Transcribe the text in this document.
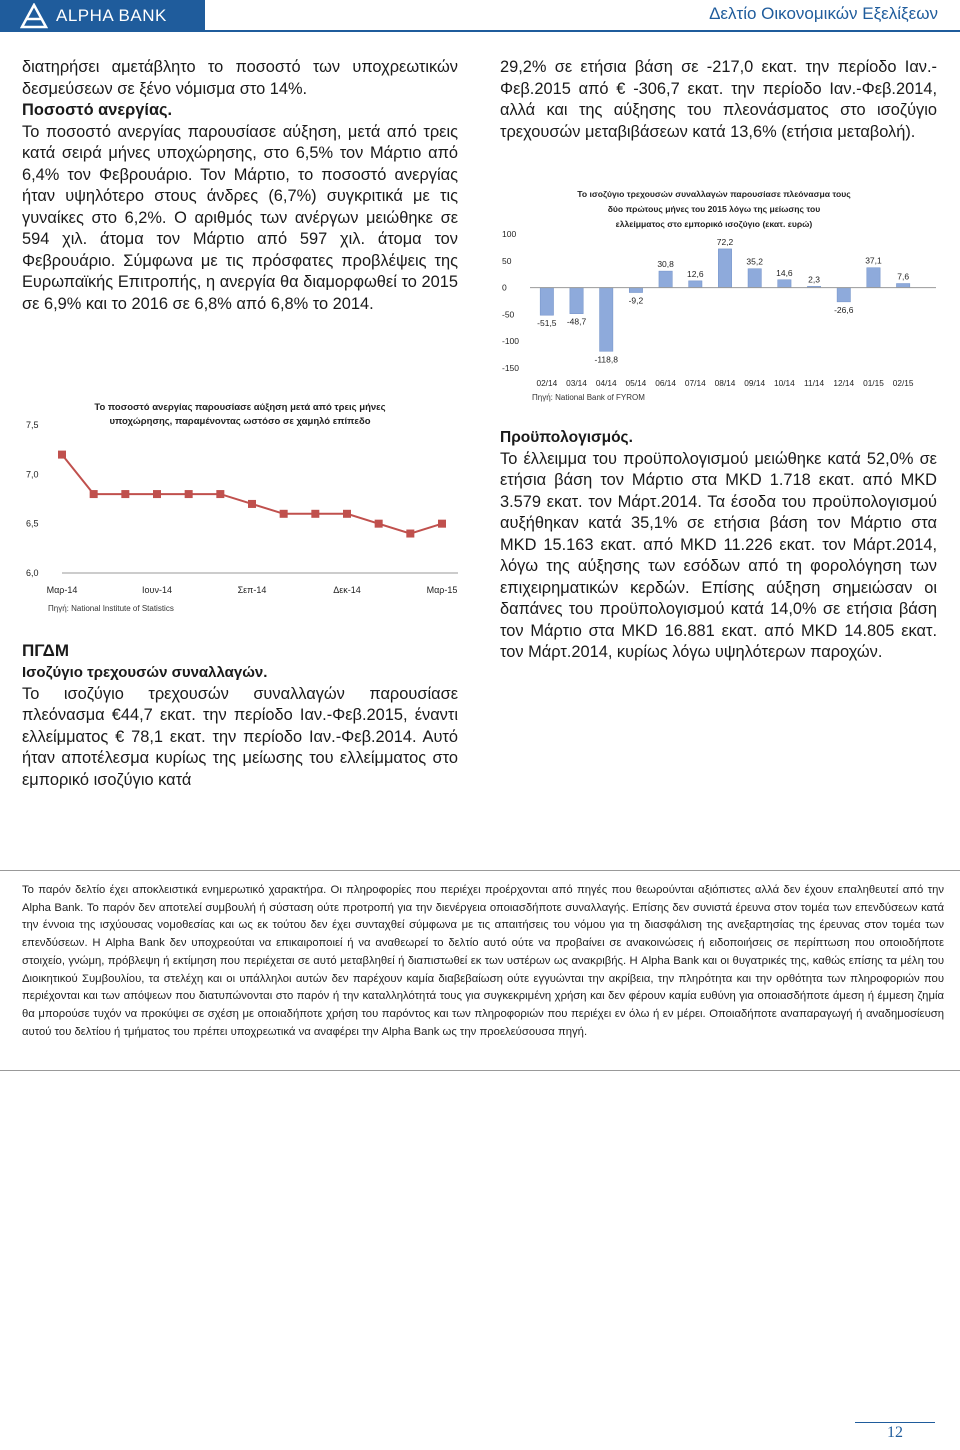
ALPHA BANK	Δελτίο Οικονομικών Εξελίξεων

διατηρήσει αμετάβλητο το ποσοστό των υποχρεωτικών δεσμεύσεων σε ξένο νόμισμα στο 14%.

Ποσοστό ανεργίας.

Το ποσοστό ανεργίας παρουσίασε αύξηση, μετά από τρεις κατά σειρά μήνες υποχώρησης, στο 6,5% τον Μάρτιο από 6,4% τον Φεβρουάριο. Τον Μάρτιο, το ποσοστό ανεργίας ήταν υψηλότερο στους άνδρες (6,7%) συγκριτικά με τις γυναίκες στο 6,2%. Ο αριθμός των ανέργων μειώθηκε σε 594 χιλ. άτομα τον Μάρτιο από 597 χιλ. άτομα τον Φεβρουάριο. Σύμφωνα με τις πρόσφατες προβλέψεις της Ευρωπαϊκής Επιτροπής, η ανεργία θα διαμορφωθεί το 2015 σε 6,9% και το 2016 σε 6,8% από 6,8% το 2014.

Το ποσοστό ανεργίας παρουσίασε αύξηση μετά από τρεις μήνες
υποχώρησης, παραμένοντας ωστόσο σε χαμηλό επίπεδο
6,0
6,5
7,0
7,5
Μαρ-14	Ιουν-14	Σεπ-14	Δεκ-14	Μαρ-15
Πηγή: National Institute of Statistics

ΠΓΔΜ

Ισοζύγιο τρεχουσών συναλλαγών.

Το ισοζύγιο τρεχουσών συναλλαγών παρουσίασε πλεόνασμα €44,7 εκατ. την περίοδο Ιαν.-Φεβ.2015, έναντι ελλείμματος € 78,1 εκατ. την περίοδο Ιαν.-Φεβ.2014. Αυτό ήταν αποτέλεσμα κυρίως της μείωσης του ελλείμματος στο εμπορικό ισοζύγιο κατά

29,2% σε ετήσια βάση σε -217,0 εκατ. την περίοδο Ιαν.-Φεβ.2015 από € -306,7 εκατ. την περίοδο Ιαν.-Φεβ.2014, αλλά και της αύξησης του πλεονάσματος στο ισοζύγιο τρεχουσών μεταβιβάσεων κατά 13,6% (ετήσια μεταβολή).

Το ισοζύγιο τρεχουσών συναλλαγών παρουσίασε πλεόνασμα τους
δύο πρώτους μήνες του 2015 λόγω της μείωσης του
ελλείμματος στο εμπορικό ισοζύγιο (εκατ. ευρώ)
100
50
0
-50
-100
-150
-51,5 -48,7
-118,8
-9,2
30,8
12,6
72,2
35,2
14,6
2,3
-26,6
37,1
7,6
02/14 03/14 04/14 05/14 06/14 07/14 08/14 09/14 10/14 11/14 12/14 01/15 02/15
Πηγή: National Bank of FYROM

Προϋπολογισμός.

Το έλλειμμα του προϋπολογισμού μειώθηκε κατά 52,0% σε ετήσια βάση τον Μάρτιο στα MKD 1.718 εκατ. από MKD 3.579 εκατ. τον Μάρτ.2014. Τα έσοδα του προϋπολογισμού αυξήθηκαν κατά 35,1% σε ετήσια βάση τον Μάρτιο στα MKD 15.163 εκατ. από MKD 11.226 εκατ. τον Μάρτ.2014, λόγω της αύξησης των εσόδων από τη φορολόγηση των επιχειρηματικών κερδών. Επίσης αύξηση σημειώσαν οι δαπάνες του προϋπολογισμού κατά 14,0% σε ετήσια βάση τον Μάρτιο στα MKD 16.881 εκατ. από MKD 14.805 εκατ. τον Μάρτ.2014, κυρίως λόγω υψηλότερων παροχών.

Το παρόν δελτίο έχει αποκλειστικά ενημερωτικό χαρακτήρα. Οι πληροφορίες που περιέχει προέρχονται από πηγές που θεωρούνται αξιόπιστες αλλά δεν έχουν επαληθευτεί από την Alpha Bank. Το παρόν δεν αποτελεί συμβουλή ή σύσταση ούτε προτροπή για την διενέργεια οποιασδήποτε συναλλαγής. Επίσης δεν συνιστά έρευνα στον τομέα των επενδύσεων κατά την έννοια της ισχύουσας νομοθεσίας και ως εκ τούτου δεν έχει συνταχθεί σύμφωνα με τις απαιτήσεις του νόμου για τη διασφάλιση της ανεξαρτησίας της έρευνας στον τομέα των επενδύσεων. Η Alpha Bank δεν υποχρεούται να επικαιροποιεί ή να αναθεωρεί το δελτίο αυτό ούτε να προβαίνει σε ανακοινώσεις ή ειδοποιήσεις σε περίπτωση που οποιοδήποτε στοιχείο, γνώμη, πρόβλεψη ή εκτίμηση που περιέχεται σε αυτό μεταβληθεί ή διαπιστωθεί εκ των υστέρων ως ανακριβής. Η Alpha Bank και οι θυγατρικές της, καθώς επίσης τα μέλη του Διοικητικού Συμβουλίου, τα στελέχη και οι υπάλληλοι αυτών δεν παρέχουν καμία διαβεβαίωση ούτε εγγυώνται την ακρίβεια, την πληρότητα και την ορθότητα των πληροφοριών που περιέχονται και των απόψεων που διατυπώνονται στο παρόν ή την καταλληλότητά τους για συγκεκριμένη χρήση και δεν φέρουν καμία ευθύνη για οποιασδήποτε άμεση ή έμμεση ζημία θα μπορούσε τυχόν να προκύψει σε σχέση με οποιαδήποτε χρήση του παρόντος και των πληροφοριών που περιέχει εν όλω ή εν μέρει. Οποιαδήποτε αναπαραγωγή ή αναδημοσίευση αυτού του δελτίου ή τμήματος του πρέπει υποχρεωτικά να αναφέρει την Alpha Bank ως την προελεύσουσα πηγή.
12
